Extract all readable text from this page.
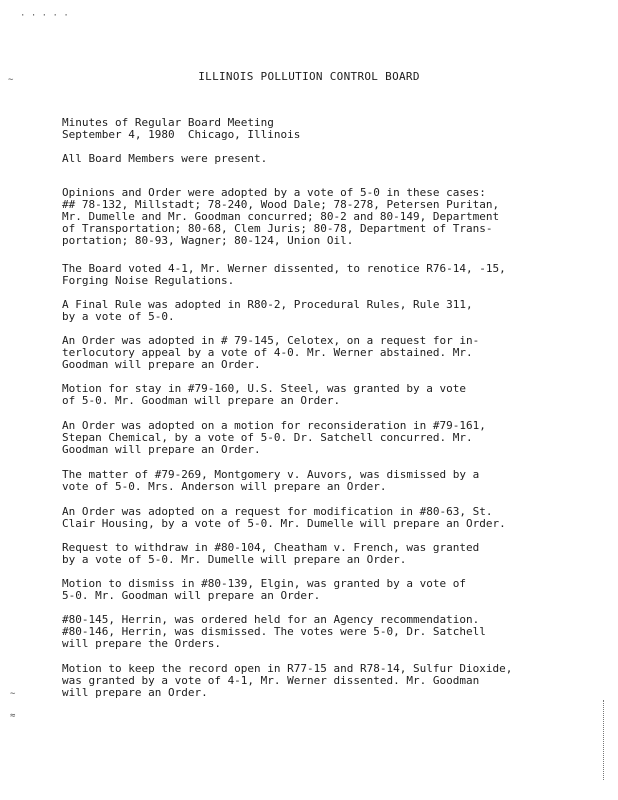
· · · · ·
∼
∼
≈
ILLINOIS POLLUTION CONTROL BOARD
Minutes of Regular Board Meeting
September 4, 1980  Chicago, Illinois
All Board Members were present.
Opinions and Order were adopted by a vote of 5-0 in these cases:
## 78-132, Millstadt; 78-240, Wood Dale; 78-278, Petersen Puritan,
Mr. Dumelle and Mr. Goodman concurred; 80-2 and 80-149, Department
of Transportation; 80-68, Clem Juris; 80-78, Department of Trans-
portation; 80-93, Wagner; 80-124, Union Oil.
The Board voted 4-1, Mr. Werner dissented, to renotice R76-14, -15,
Forging Noise Regulations.
A Final Rule was adopted in R80-2, Procedural Rules, Rule 311,
by a vote of 5-0.
An Order was adopted in # 79-145, Celotex, on a request for in-
terlocutory appeal by a vote of 4-0. Mr. Werner abstained. Mr.
Goodman will prepare an Order.
Motion for stay in #79-160, U.S. Steel, was granted by a vote
of 5-0. Mr. Goodman will prepare an Order.
An Order was adopted on a motion for reconsideration in #79-161,
Stepan Chemical, by a vote of 5-0. Dr. Satchell concurred. Mr.
Goodman will prepare an Order.
The matter of #79-269, Montgomery v. Auvors, was dismissed by a
vote of 5-0. Mrs. Anderson will prepare an Order.
An Order was adopted on a request for modification in #80-63, St.
Clair Housing, by a vote of 5-0. Mr. Dumelle will prepare an Order.
Request to withdraw in #80-104, Cheatham v. French, was granted
by a vote of 5-0. Mr. Dumelle will prepare an Order.
Motion to dismiss in #80-139, Elgin, was granted by a vote of
5-0. Mr. Goodman will prepare an Order.
#80-145, Herrin, was ordered held for an Agency recommendation.
#80-146, Herrin, was dismissed. The votes were 5-0, Dr. Satchell
will prepare the Orders.
Motion to keep the record open in R77-15 and R78-14, Sulfur Dioxide,
was granted by a vote of 4-1, Mr. Werner dissented. Mr. Goodman
will prepare an Order.
